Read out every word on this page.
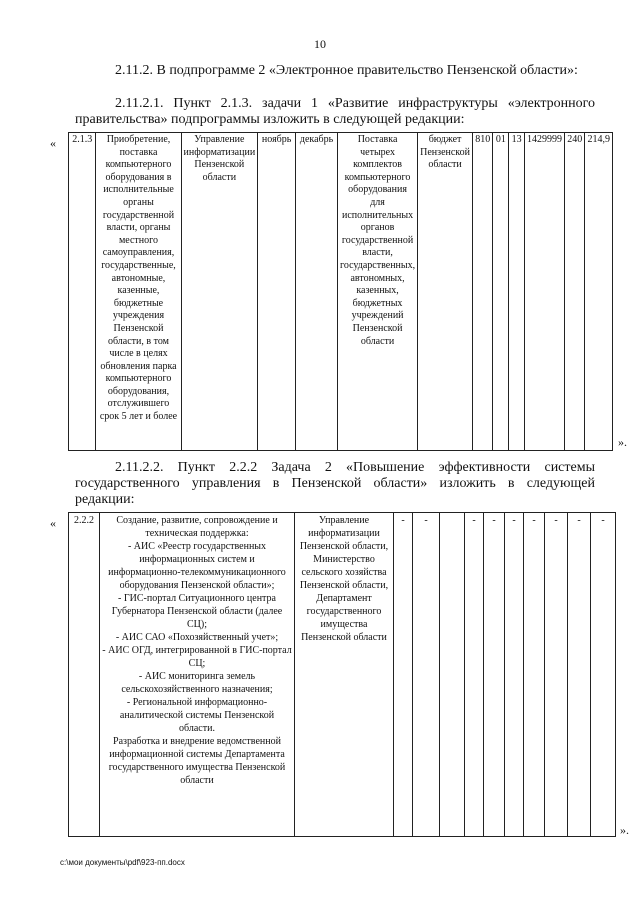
10
2.11.2. В подпрограмме 2 «Электронное правительство Пензенской области»:
2.11.2.1. Пункт 2.1.3. задачи 1 «Развитие инфраструктуры «электронного правительства» подпрограммы изложить в следующей редакции:
« 2.1.3	Приобретение, поставка компьютерного оборудования в исполнительные органы государственной власти, органы местного самоуправления, государственные, автономные, казенные, бюджетные учреждения Пензенской области, в том числе в целях обновления парка компьютерного оборудования, отслужившего срок 5 лет и более	Управление информатизации Пензенской области	ноябрь	декабрь	Поставка четырех комплектов компьютерного оборудования для исполнительных органов государственной власти, государственных, автономных, казенных, бюджетных учреждений Пензенской области	бюджет Пензенской области	810	01	13	1429999	240	214,9
».
2.11.2.2. Пункт 2.2.2 Задача 2 «Повышение эффективности системы государственного управления в Пензенской области» изложить в следующей редакции:
« 2.2.2	Создание, развитие, сопровождение и техническая поддержка:
- АИС «Реестр государственных информационных систем и информационно-телекоммуникационного оборудования Пензенской области»;
- ГИС-портал Ситуационного центра Губернатора Пензенской области (далее СЦ);
- АИС САО «Похозяйственный учет»;
- АИС ОГД, интегрированной в ГИС-портал СЦ;
- АИС мониторинга земель сельскохозяйственного назначения;
- Региональной информационно-аналитической системы Пензенской области.
Разработка и внедрение ведомственной информационной системы Департамента государственного имущества Пензенской области	Управление информатизации Пензенской области, Министерство сельского хозяйства Пензенской области, Департамент государственного имущества Пензенской области	-	-		-	-	-	-	-	-	-
».
c:\мои документы\pdf\923-пп.docx
